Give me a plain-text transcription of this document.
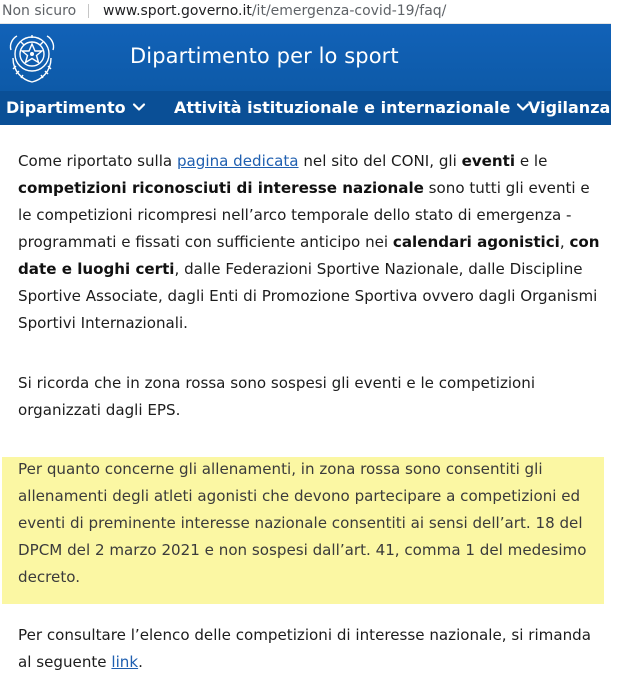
Non sicuro www.sport.governo.it/it/emergenza-covid-19/faq/
Dipartimento per lo sport
Dipartimento	Attività istituzionale e internazionale	Vigilanza s

Come riportato sulla pagina dedicata nel sito del CONI, gli eventi e le competizioni riconosciuti di interesse nazionale sono tutti gli eventi e le competizioni ricompresi nell’arco temporale dello stato di emergenza - programmati e fissati con sufficiente anticipo nei calendari agonistici, con date e luoghi certi, dalle Federazioni Sportive Nazionale, dalle Discipline Sportive Associate, dagli Enti di Promozione Sportiva ovvero dagli Organismi Sportivi Internazionali.

Si ricorda che in zona rossa sono sospesi gli eventi e le competizioni organizzati dagli EPS.

Per quanto concerne gli allenamenti, in zona rossa sono consentiti gli allenamenti degli atleti agonisti che devono partecipare a competizioni ed eventi di preminente interesse nazionale consentiti ai sensi dell’art. 18 del DPCM del 2 marzo 2021 e non sospesi dall’art. 41, comma 1 del medesimo decreto.

Per consultare l’elenco delle competizioni di interesse nazionale, si rimanda al seguente link.
